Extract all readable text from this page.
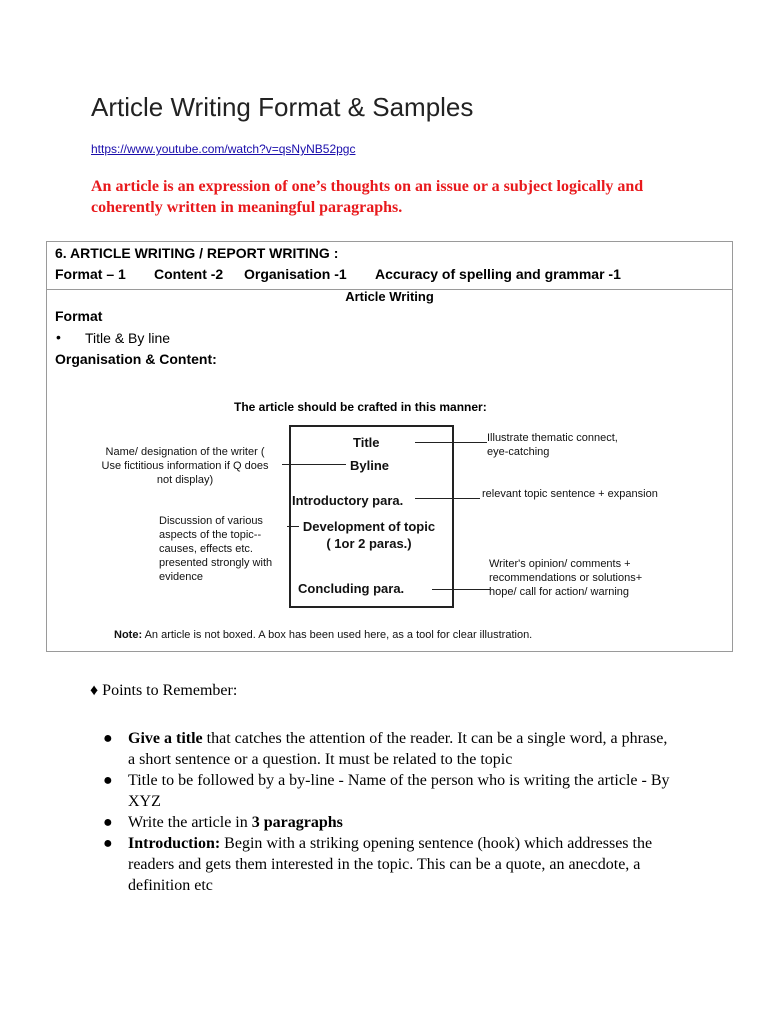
Article Writing Format & Samples
https://www.youtube.com/watch?v=qsNyNB52pgc

An article is an expression of one’s thoughts on an issue or a subject logically and coherently written in meaningful paragraphs.

6. ARTICLE WRITING / REPORT WRITING :
Format – 1 Content -2 Organisation -1 Accuracy of spelling and grammar -1
Article Writing
Format
• Title & By line
Organisation & Content:
The article should be crafted in this manner:
Name/ designation of the writer ( Use fictitious information if Q does not display)
Discussion of various aspects of the topic-- causes, effects etc. presented strongly with evidence
Title
Byline
Introductory para.
Development of topic ( 1or 2 paras.)
Concluding para.
Illustrate thematic connect, eye-catching
relevant topic sentence + expansion
Writer's opinion/ comments + recommendations or solutions+ hope/ call for action/ warning
Note: An article is not boxed. A box has been used here, as a tool for clear illustration.
♦ Points to Remember:
● Give a title that catches the attention of the reader. It can be a single word, a phrase, a short sentence or a question. It must be related to the topic
● Title to be followed by a by-line - Name of the person who is writing the article - By XYZ
● Write the article in 3 paragraphs
● Introduction: Begin with a striking opening sentence (hook) which addresses the readers and gets them interested in the topic. This can be a quote, an anecdote, a definition etc
